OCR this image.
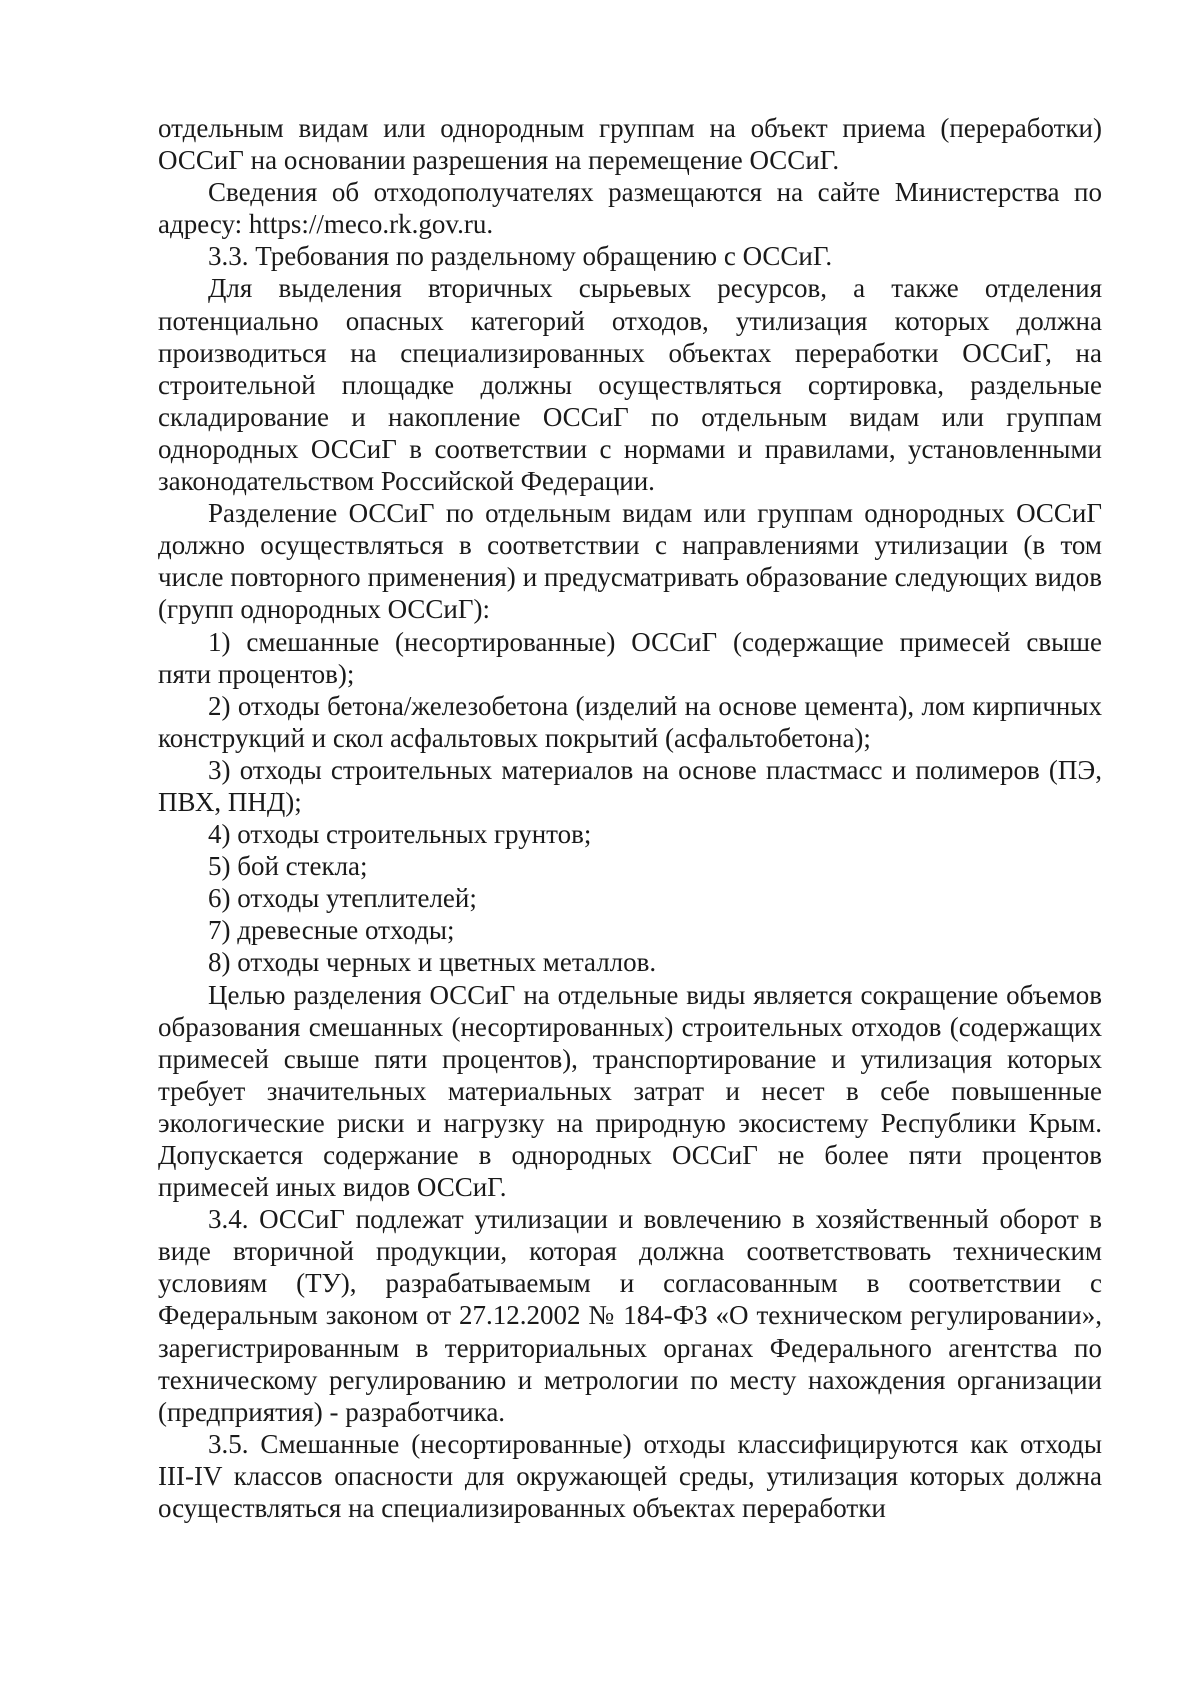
отдельным видам или однородным группам на объект приема (переработки) ОССиГ на основании разрешения на перемещение ОССиГ.

Сведения об отходополучателях размещаются на сайте Министерства по адресу: https://meco.rk.gov.ru.

3.3. Требования по раздельному обращению с ОССиГ.

Для выделения вторичных сырьевых ресурсов, а также отделения потенциально опасных категорий отходов, утилизация которых должна производиться на специализированных объектах переработки ОССиГ, на строительной площадке должны осуществляться сортировка, раздельные складирование и накопление ОССиГ по отдельным видам или группам однородных ОССиГ в соответствии с нормами и правилами, установленными законодательством Российской Федерации.

Разделение ОССиГ по отдельным видам или группам однородных ОССиГ должно осуществляться в соответствии с направлениями утилизации (в том числе повторного применения) и предусматривать образование следующих видов (групп однородных ОССиГ):

1) смешанные (несортированные) ОССиГ (содержащие примесей свыше пяти процентов);

2) отходы бетона/железобетона (изделий на основе цемента), лом кирпичных конструкций и скол асфальтовых покрытий (асфальтобетона);

3) отходы строительных материалов на основе пластмасс и полимеров (ПЭ, ПВХ, ПНД);

4) отходы строительных грунтов;

5) бой стекла;

6) отходы утеплителей;

7) древесные отходы;

8) отходы черных и цветных металлов.

Целью разделения ОССиГ на отдельные виды является сокращение объемов образования смешанных (несортированных) строительных отходов (содержащих примесей свыше пяти процентов), транспортирование и утилизация которых требует значительных материальных затрат и несет в себе повышенные экологические риски и нагрузку на природную экосистему Республики Крым. Допускается содержание в однородных ОССиГ не более пяти процентов примесей иных видов ОССиГ.

3.4. ОССиГ подлежат утилизации и вовлечению в хозяйственный оборот в виде вторичной продукции, которая должна соответствовать техническим условиям (ТУ), разрабатываемым и согласованным в соответствии с Федеральным законом от 27.12.2002 № 184-ФЗ «О техническом регулировании», зарегистрированным в территориальных органах Федерального агентства по техническому регулированию и метрологии по месту нахождения организации (предприятия) - разработчика.

3.5. Смешанные (несортированные) отходы классифицируются как отходы III-IV классов опасности для окружающей среды, утилизация которых должна осуществляться на специализированных объектах переработки
